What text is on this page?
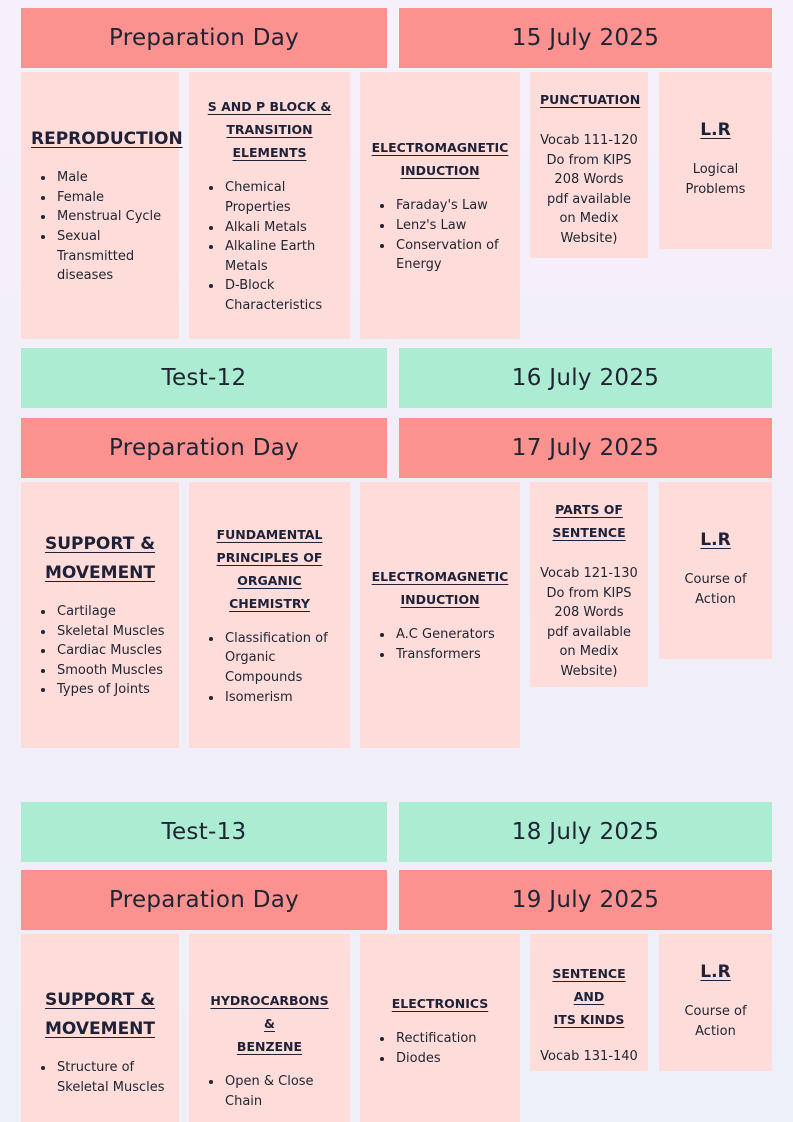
Preparation Day	15 July 2025
REPRODUCTION
• Male
• Female
• Menstrual Cycle
• Sexual Transmitted diseases
S AND P BLOCK &
TRANSITION
ELEMENTS
• Chemical Properties
• Alkali Metals
• Alkaline Earth Metals
• D-Block Characteristics
ELECTROMAGNETIC
INDUCTION
• Faraday's Law
• Lenz's Law
• Conservation of Energy
PUNCTUATION
Vocab 111-120
Do from KIPS
208 Words
pdf available
on Medix
Website)
L.R
Logical
Problems
Test-12	16 July 2025
Preparation Day	17 July 2025
SUPPORT &
MOVEMENT
• Cartilage
• Skeletal Muscles
• Cardiac Muscles
• Smooth Muscles
• Types of Joints
FUNDAMENTAL
PRINCIPLES OF
ORGANIC
CHEMISTRY
• Classification of Organic Compounds
• Isomerism
ELECTROMAGNETIC
INDUCTION
• A.C Generators
• Transformers
PARTS OF
SENTENCE
Vocab 121-130
Do from KIPS
208 Words
pdf available
on Medix
Website)
L.R
Course of
Action
Test-13	18 July 2025
Preparation Day	19 July 2025
SUPPORT &
MOVEMENT
• Structure of Skeletal Muscles
HYDROCARBONS
&
BENZENE
• Open & Close Chain
ELECTRONICS
• Rectification
• Diodes
SENTENCE AND
ITS KINDS
Vocab 131-140
L.R
Course of
Action
